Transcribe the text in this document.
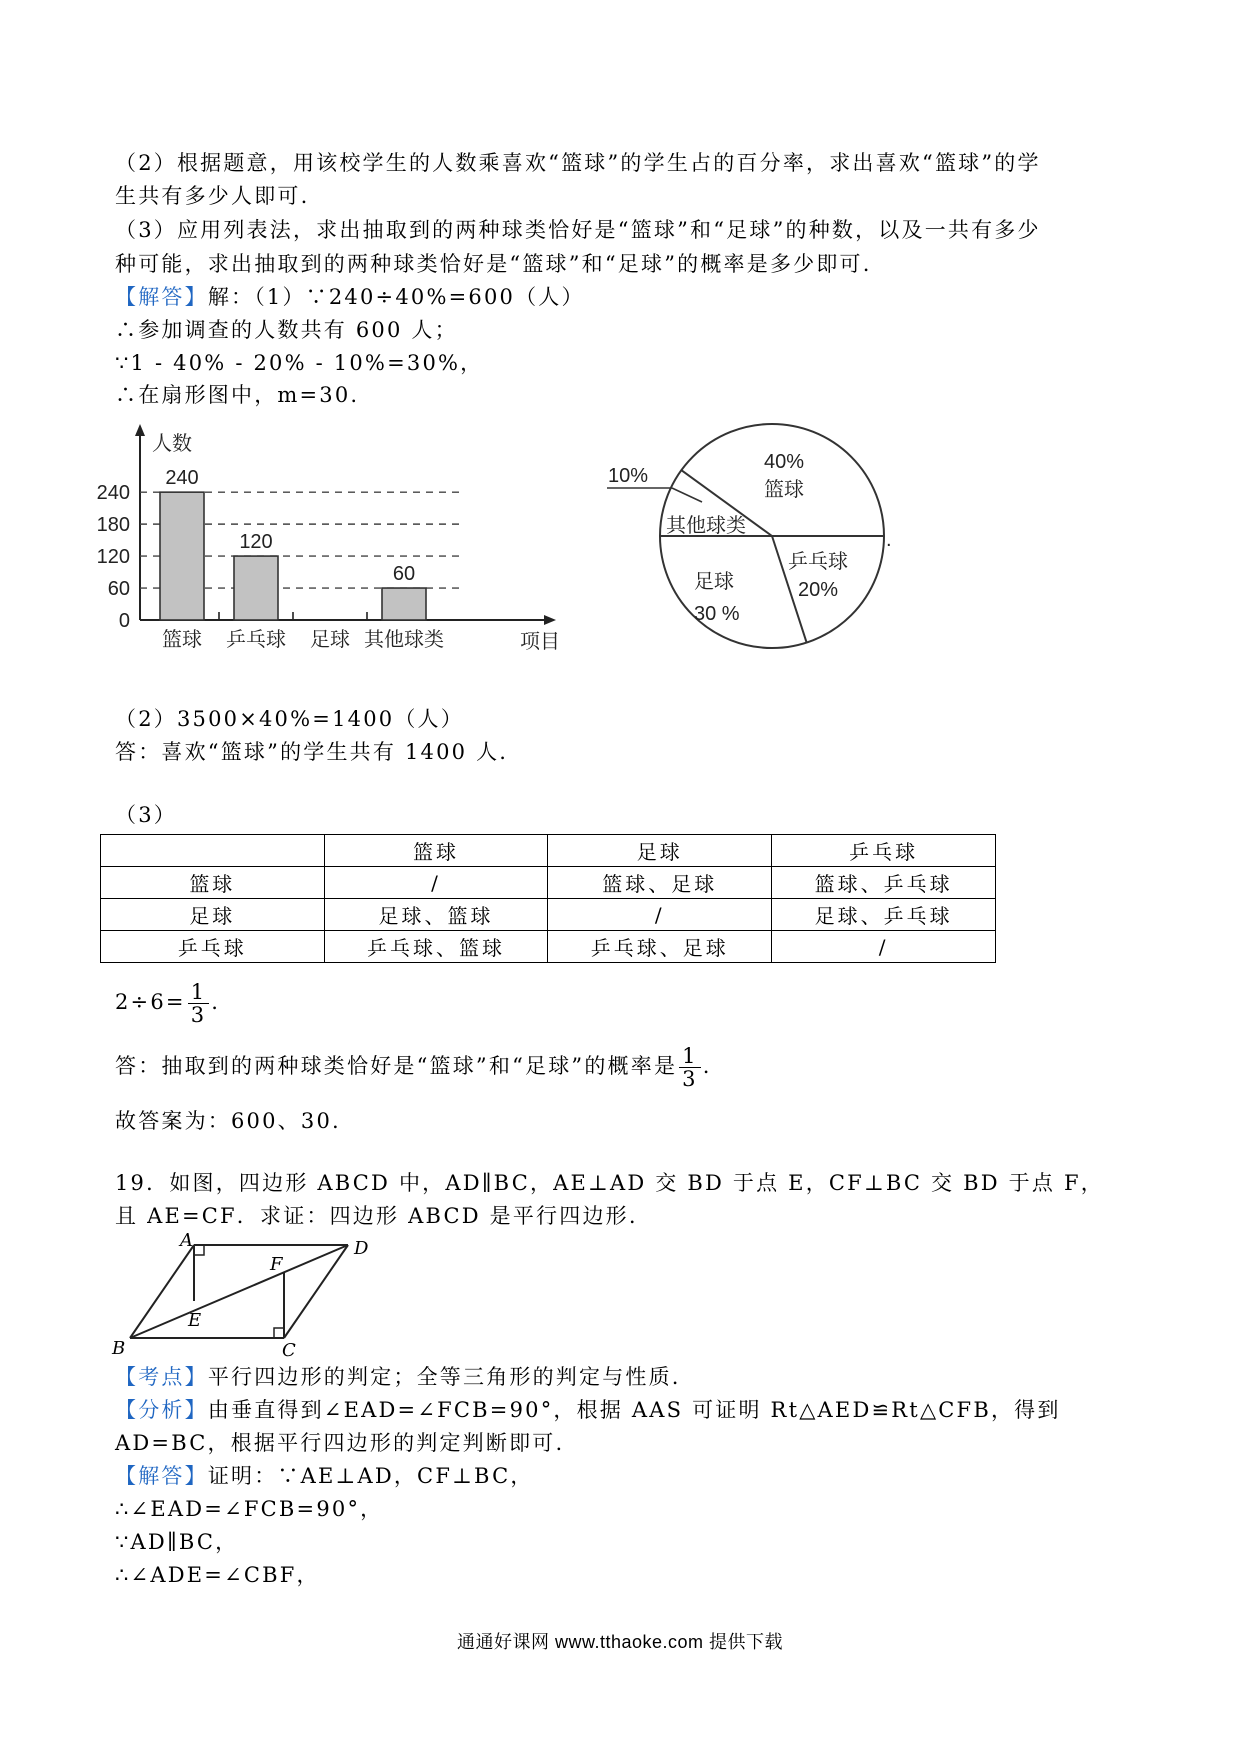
（2）根据题意，用该校学生的人数乘喜欢“篮球”的学生占的百分率，求出喜欢“篮球”的学
生共有多少人即可.
（3）应用列表法，求出抽取到的两种球类恰好是“篮球”和“足球”的种数，以及一共有多少
种可能，求出抽取到的两种球类恰好是“篮球”和“足球”的概率是多少即可.
【解答】解：（1）∵240÷40%=600（人）
∴参加调查的人数共有 600 人；
∵1 - 40% - 20% - 10%=30%，
∴在扇形图中，m=30.
人数
项目
240
180
120
60
0
240
篮球
120
乒乓球 足球
60
其他球类
10%
其他球类
40%
篮球
乒乓球
20%
足球
30 %
.
（2）3500×40%=1400（人）
答：喜欢“篮球”的学生共有 1400 人.
（3）
	篮球	足球	乒乓球
篮球	/	篮球、足球	篮球、乒乓球
足球	足球、篮球	/	足球、乒乓球
乒乓球	乒乓球、篮球	乒乓球、足球	/
$2\div 6= \frac{1}{3}$ .
答：抽取到的两种球类恰好是“篮球”和“足球”的概率是 $\frac{1}{3}$ .
故答案为：600、30.
19．如图，四边形 ABCD 中，AD∥BC，AE⊥AD 交 BD 于点 E，CF⊥BC 交 BD 于点 F，
且 AE=CF．求证：四边形 ABCD 是平行四边形.
A	D
B	C
E
F
【考点】平行四边形的判定；全等三角形的判定与性质.
【分析】由垂直得到∠EAD=∠FCB=90°，根据 AAS 可证明 Rt△AED≌Rt△CFB，得到
AD=BC，根据平行四边形的判定判断即可.
【解答】证明：∵AE⊥AD，CF⊥BC，
∴∠EAD=∠FCB=90°，
∵AD∥BC，
∴∠ADE=∠CBF，
通通好课网 www.tthaoke.com 提供下载
